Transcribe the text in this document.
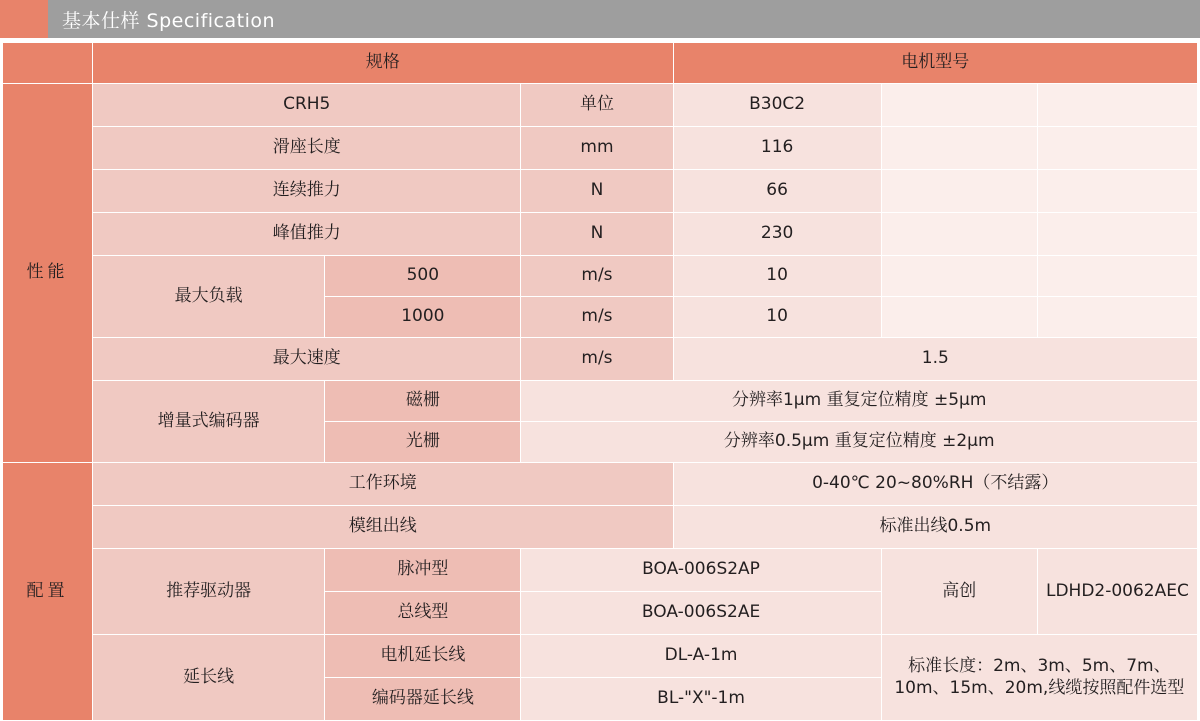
基本仕样 Specification
	规格			电机型号		

性能	CRH5		单位	B30C2		
	滑座长度		mm	116		
	连续推力		N	66		
	峰值推力		N	230		
	最大负载	500	m/s	10		
		1000	m/s	10		
	最大速度		m/s	1.5		
	增量式编码器	磁栅	分辨率1μm 重复定位精度 ±5μm			
		光栅	分辨率0.5μm 重复定位精度 ±2μm			

配置	工作环境			0-40℃ 20~80%RH（不结露）		
	模组出线			标准出线0.5m		
	推荐驱动器	脉冲型	BOA-006S2AP		高创	LDHD2-0062AEC
		总线型	BOA-006S2AE			
	延长线	电机延长线	DL-A-1m		标准长度：2m、3m、5m、7m、10m、15m、20m,线缆按照配件选型	
		编码器延长线	BL-"X"-1m			
